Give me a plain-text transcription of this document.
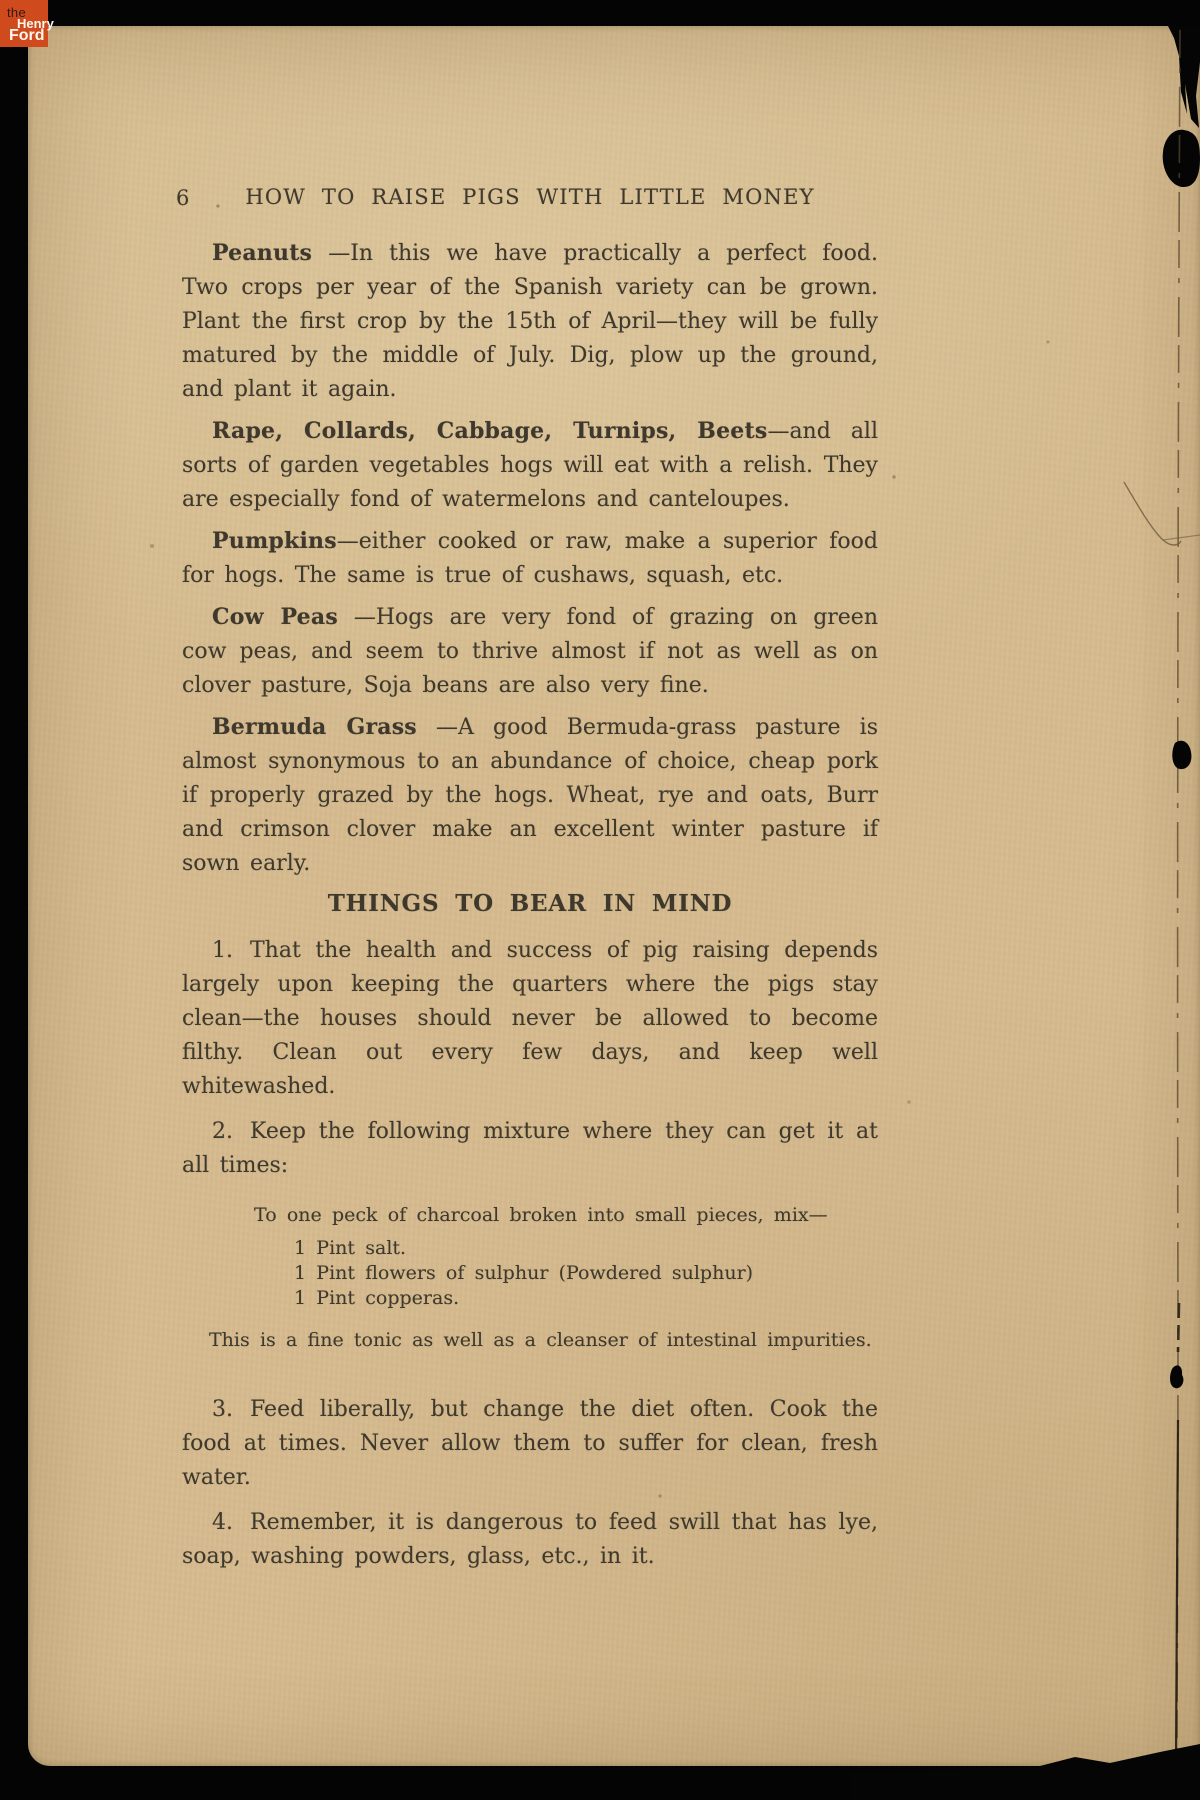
6	HOW TO RAISE PIGS WITH LITTLE MONEY

Peanuts —In this we have practically a perfect food. Two crops per year of the Spanish variety can be grown. Plant the first crop by the 15th of April—they will be fully matured by the middle of July. Dig, plow up the ground, and plant it again.

Rape, Collards, Cabbage, Turnips, Beets—and all sorts of garden vegetables hogs will eat with a relish. They are especially fond of watermelons and canteloupes.

Pumpkins—either cooked or raw, make a superior food for hogs. The same is true of cushaws, squash, etc.

Cow Peas —Hogs are very fond of grazing on green cow peas, and seem to thrive almost if not as well as on clover pasture, Soja beans are also very fine.

Bermuda Grass —A good Bermuda-grass pasture is almost synonymous to an abundance of choice, cheap pork if properly grazed by the hogs. Wheat, rye and oats, Burr and crimson clover make an excellent winter pasture if sown early.

THINGS TO BEAR IN MIND

1. That the health and success of pig raising depends largely upon keeping the quarters where the pigs stay clean—the houses should never be allowed to become filthy. Clean out every few days, and keep well whitewashed.

2. Keep the following mixture where they can get it at all times:

To one peck of charcoal broken into small pieces, mix—

1 Pint salt.

1 Pint flowers of sulphur (Powdered sulphur)

1 Pint copperas.

This is a fine tonic as well as a cleanser of intestinal impurities.

3. Feed liberally, but change the diet often. Cook the food at times. Never allow them to suffer for clean, fresh water.

4. Remember, it is dangerous to feed swill that has lye, soap, washing powders, glass, etc., in it.

the
Henry
Ford
